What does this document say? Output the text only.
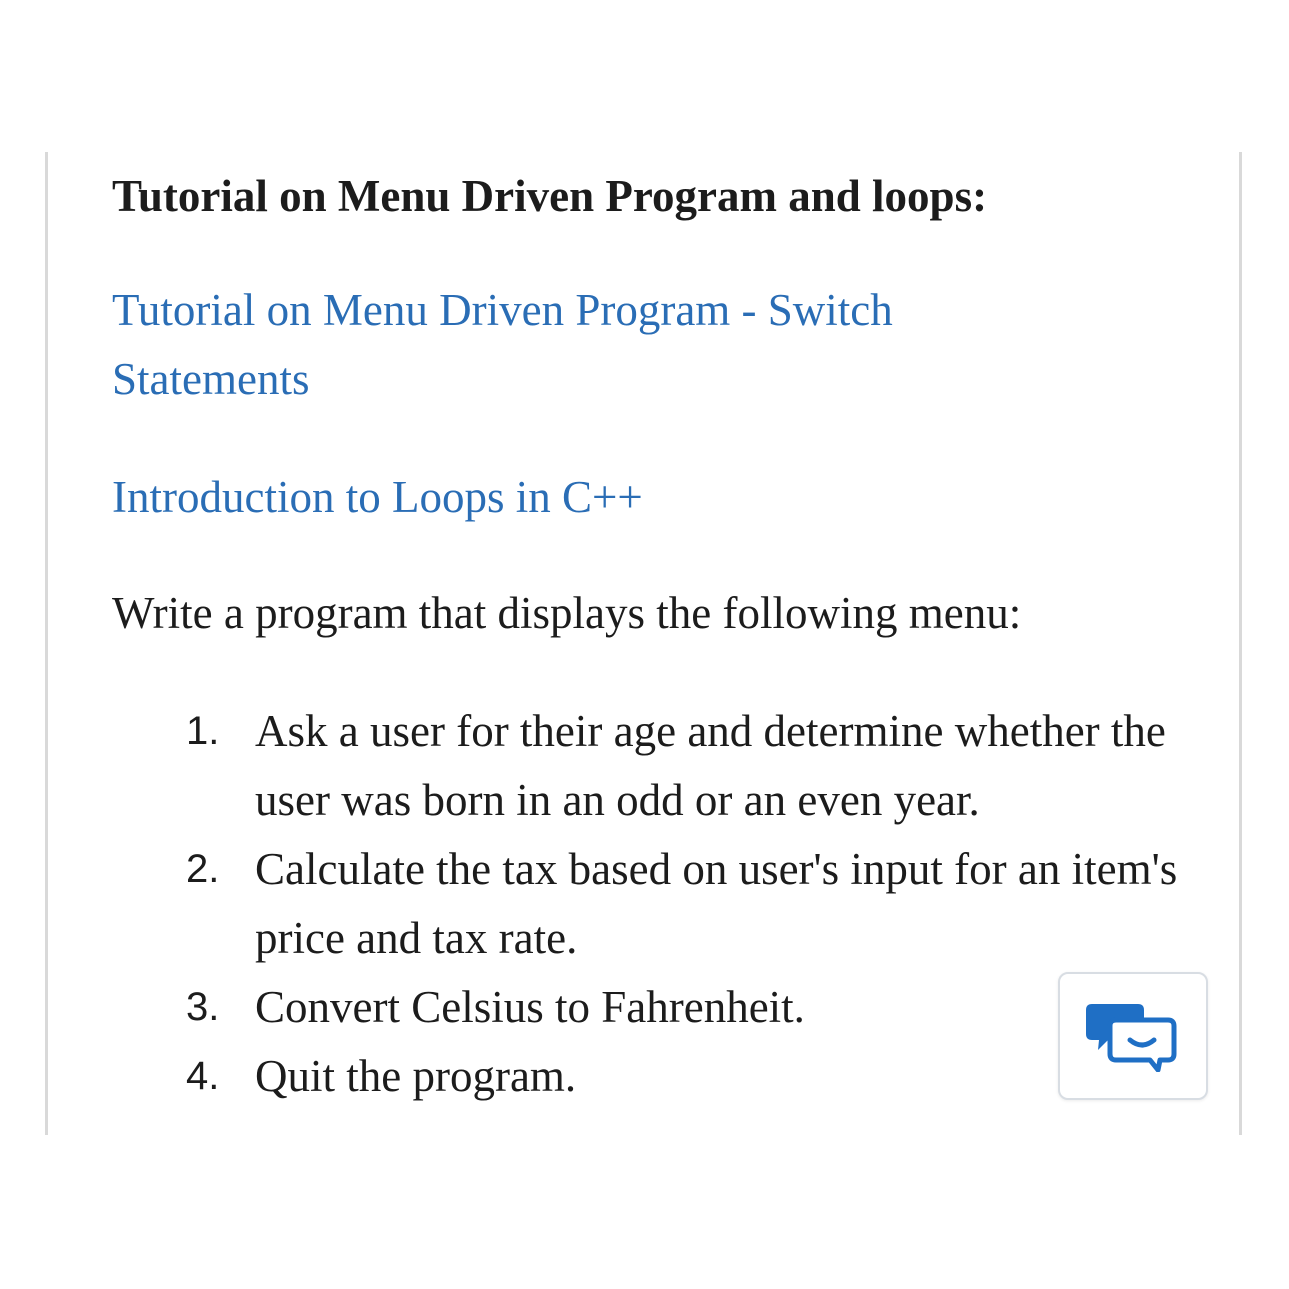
Tutorial on Menu Driven Program and loops:
Tutorial on Menu Driven Program - Switch Statements
Introduction to Loops in C++

Write a program that displays the following menu:

1. Ask a user for their age and determine whether the user was born in an odd or an even year.
2. Calculate the tax based on user's input for an item's price and tax rate.
3. Convert Celsius to Fahrenheit.
4. Quit the program.
